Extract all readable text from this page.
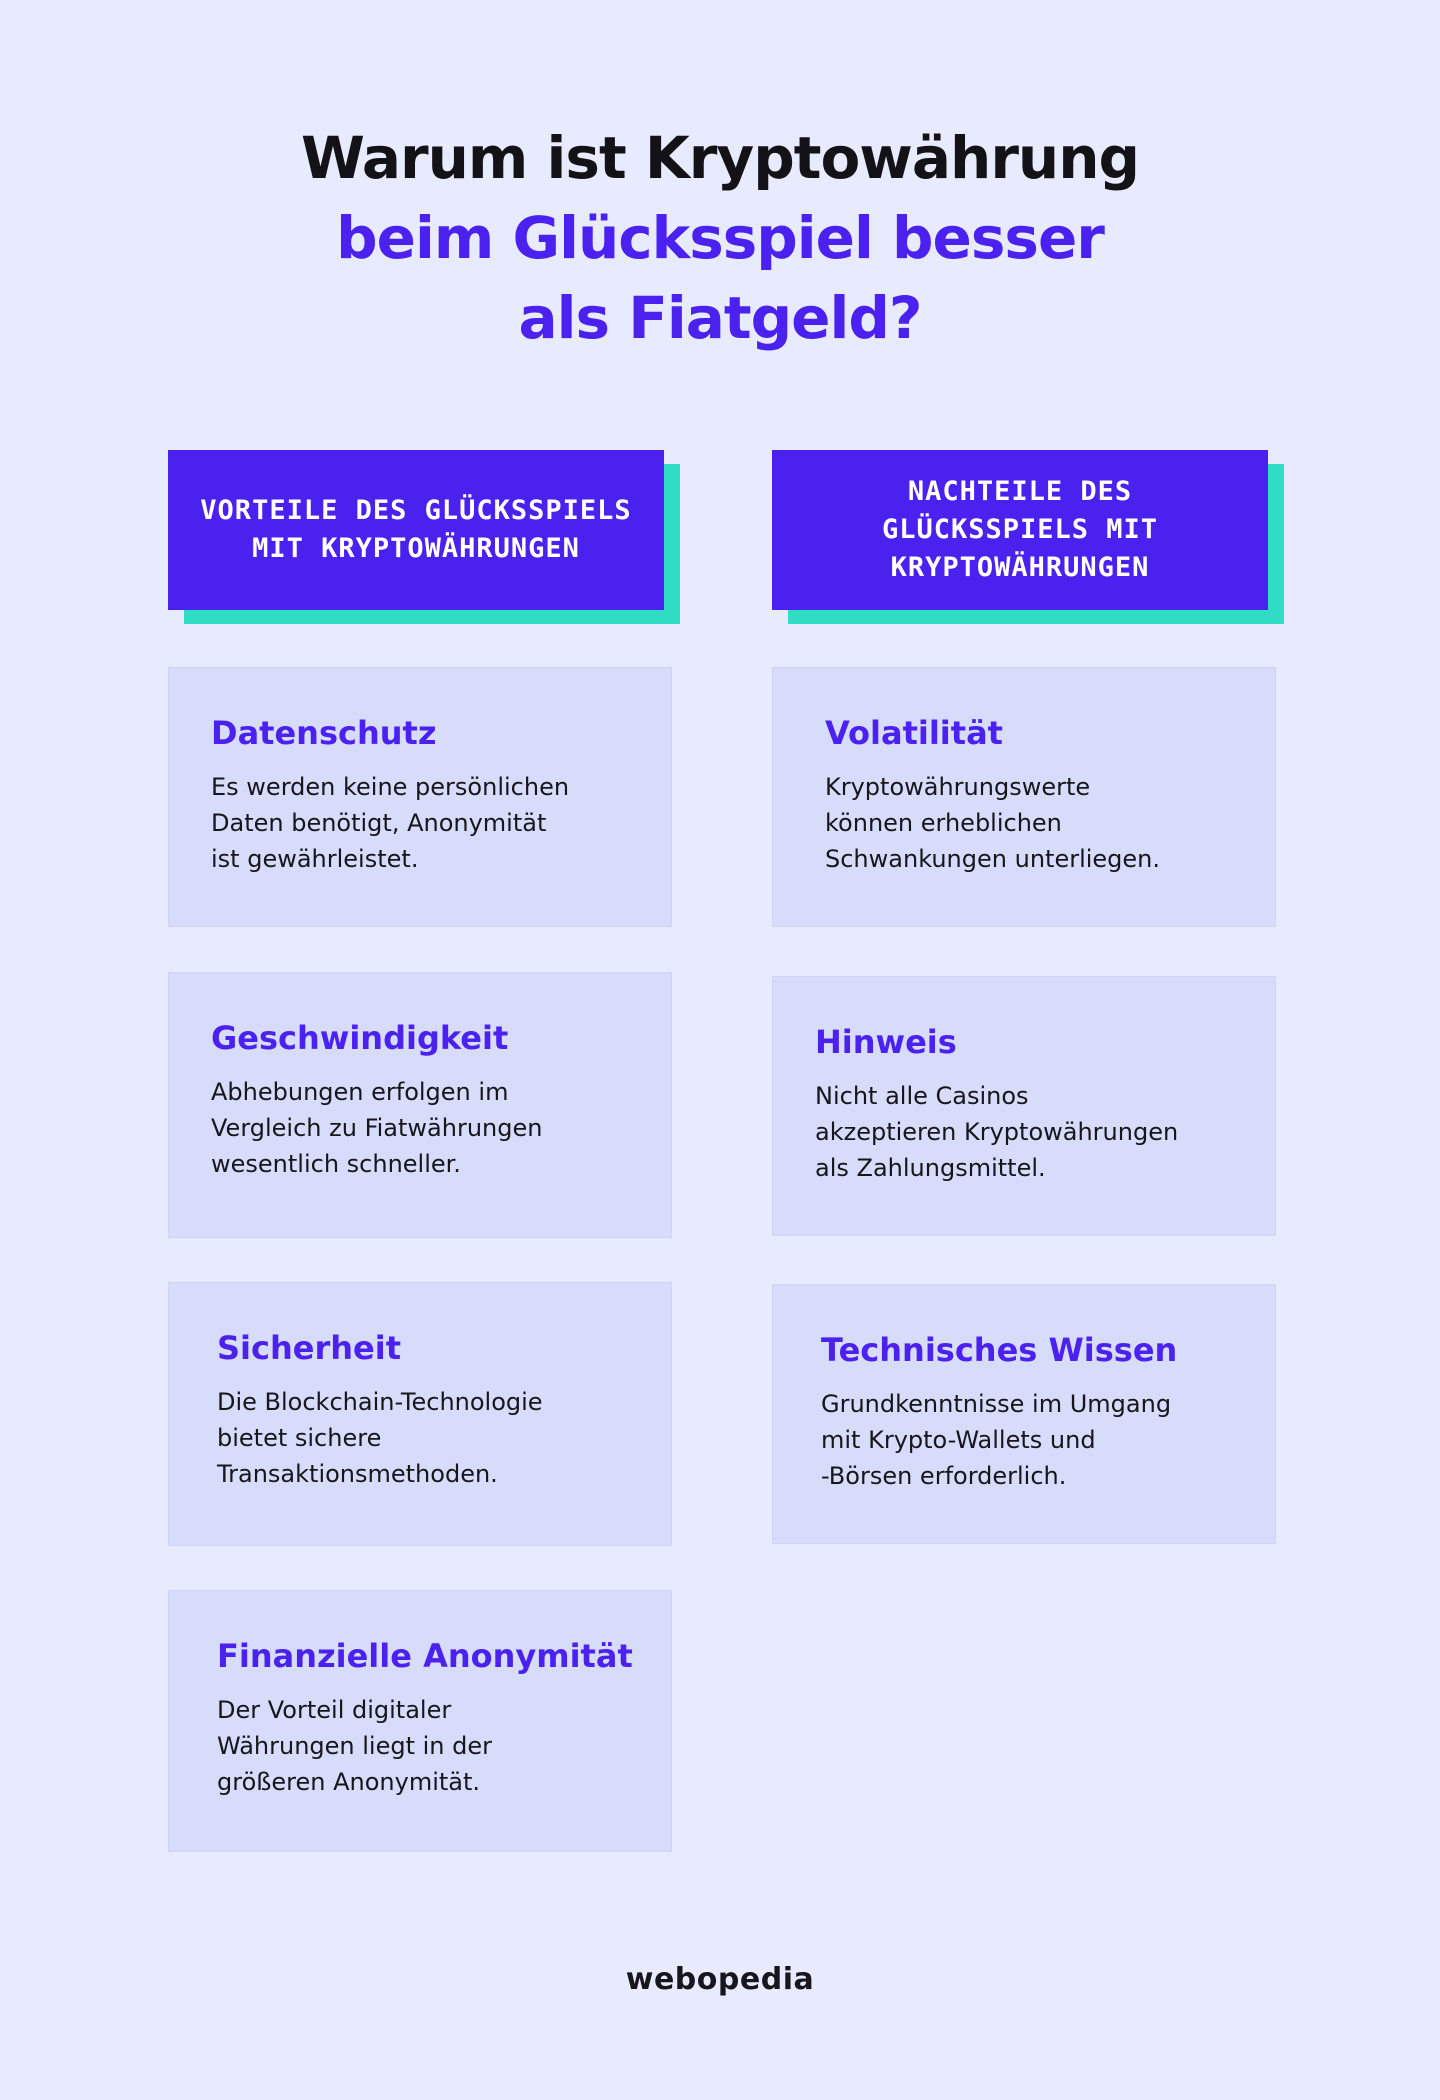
Warum ist Kryptowährung
beim Glücksspiel besser
als Fiatgeld?
VORTEILE DES GLÜCKSSPIELS MIT KRYPTOWÄHRUNGEN
NACHTEILE DES GLÜCKSSPIELS MIT KRYPTOWÄHRUNGEN
Datenschutz
Es werden keine persönlichen
Daten benötigt, Anonymität
ist gewährleistet.
Geschwindigkeit
Abhebungen erfolgen im
Vergleich zu Fiatwährungen
wesentlich schneller.
Sicherheit
Die Blockchain-Technologie
bietet sichere
Transaktionsmethoden.
Finanzielle Anonymität
Der Vorteil digitaler
Währungen liegt in der
größeren Anonymität.
Volatilität
Kryptowährungswerte
können erheblichen
Schwankungen unterliegen.
Hinweis
Nicht alle Casinos
akzeptieren Kryptowährungen
als Zahlungsmittel.
Technisches Wissen
Grundkenntnisse im Umgang
mit Krypto-Wallets und
-Börsen erforderlich.
webopedia
